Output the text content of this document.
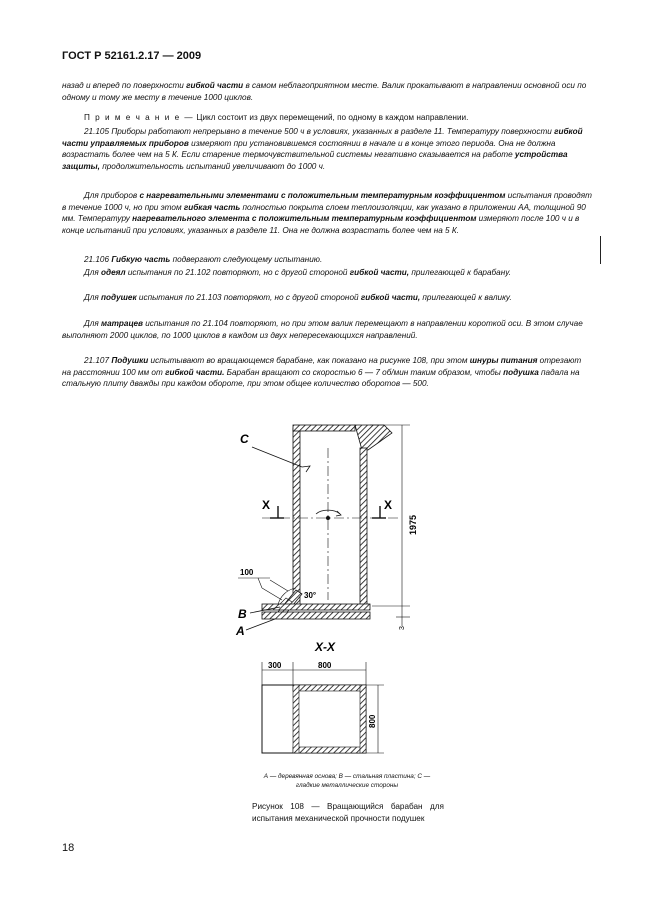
ГОСТ Р 52161.2.17 — 2009
назад и вперед по поверхности гибкой части в самом неблагоприятном месте. Валик прокатывают в направлении основной оси по одному и тому же месту в течение 1000 циклов.
П р и м е ч а н и е — Цикл состоит из двух перемещений, по одному в каждом направлении.
21.105 Приборы работают непрерывно в течение 500 ч в условиях, указанных в разделе 11. Температуру поверхности гибкой части управляемых приборов измеряют при установившемся состоянии в начале и в конце этого периода. Она не должна возрастать более чем на 5 К. Если старение термочувствительной системы негативно сказывается на работе устройства защиты, продолжительность испытаний увеличивают до 1000 ч.
Для приборов с нагревательными элементами с положительным температурным коэффициентом испытания проводят в течение 1000 ч, но при этом гибкая часть полностью покрыта слоем теплоизоляции, как указано в приложении АА, толщиной 90 мм. Температуру нагревательного элемента с положительным температурным коэффициентом измеряют после 100 ч и в конце испытаний при условиях, указанных в разделе 11. Она не должна возрастать более чем на 5 К.
21.106 Гибкую часть подвергают следующему испытанию.
Для одеял испытания по 21.102 повторяют, но с другой стороной гибкой части, прилегающей к барабану.
Для подушек испытания по 21.103 повторяют, но с другой стороной гибкой части, прилегающей к валику.
Для матрацев испытания по 21.104 повторяют, но при этом валик перемещают в направлении короткой оси. В этом случае выполняют 2000 циклов, по 1000 циклов в каждом из двух непересекающихся направлений.
21.107 Подушки испытывают во вращающемся барабане, как показано на рисунке 108, при этом шнуры питания отрезают на расстоянии 100 мм от гибкой части. Барабан вращают со скоростью 6 — 7 об/мин таким образом, чтобы подушка падала на стальную плиту дважды при каждом обороте, при этом общее количество оборотов — 500.
X	X
C
1975
3
100
30°
B
A
X-X
300	800
800
А — деревянная основа; В — стальная пластина; С — гладкие металлические стороны
Рисунок 108 — Вращающийся барабан для испытания механической прочности подушек
18
